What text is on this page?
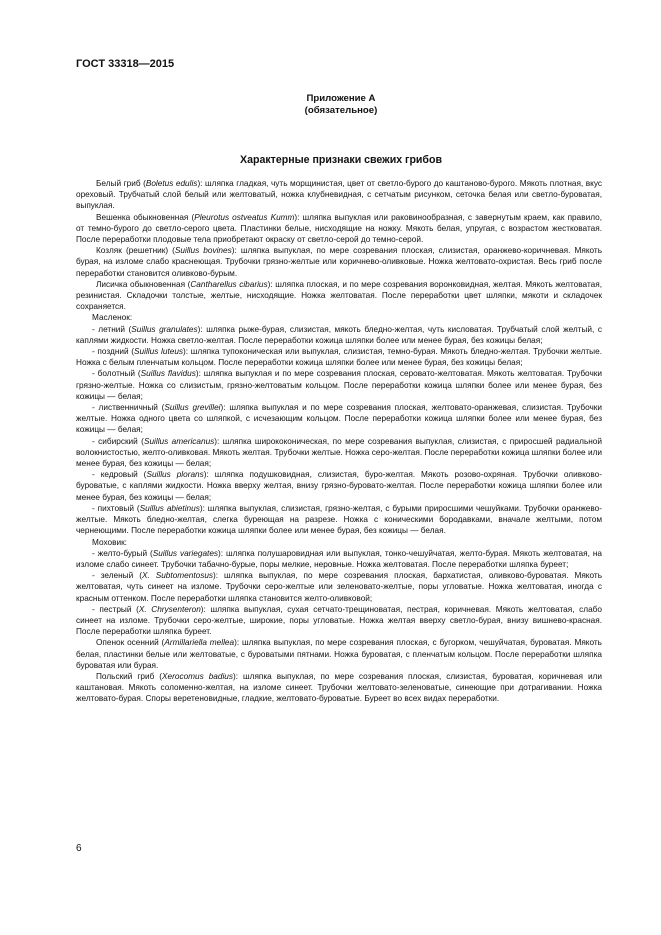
ГОСТ 33318—2015
Приложение А
(обязательное)
Характерные признаки свежих грибов

Белый гриб (Boletus edulis): шляпка гладкая, чуть морщинистая, цвет от светло-бурого до каштаново-бурого. Мякоть плотная, вкус ореховый. Трубчатый слой белый или желтоватый, ножка клубневидная, с сетчатым рисунком, сеточка белая или светло-буроватая, выпуклая.

Вешенка обыкновенная (Pleurotus ostveatus Kumm): шляпка выпуклая или раковинообразная, с завернутым краем, как правило, от темно-бурого до светло-серого цвета. Пластинки белые, нисходящие на ножку. Мякоть белая, упругая, с возрастом жестковатая. После переработки плодовые тела приобретают окраску от светло-серой до темно-серой.

Козляк (решетник) (Suillus bovines): шляпка выпуклая, по мере созревания плоская, слизистая, оранжево-коричневая. Мякоть бурая, на изломе слабо краснеющая. Трубочки грязно-желтые или коричнево-оливковые. Ножка желтовато-охристая. Весь гриб после переработки становится оливково-бурым.

Лисичка обыкновенная (Cantharellus cibarius): шляпка плоская, и по мере созревания воронковидная, желтая. Мякоть желтоватая, резинистая. Складочки толстые, желтые, нисходящие. Ножка желтоватая. После переработки цвет шляпки, мякоти и складочек сохраняется.

Масленок:

- летний (Suillus granulates): шляпка рыже-бурая, слизистая, мякоть бледно-желтая, чуть кисловатая. Трубчатый слой желтый, с каплями жидкости. Ножка светло-желтая. После переработки кожица шляпки более или менее бурая, без кожицы белая;

- поздний (Suillus luteus): шляпка тупоконическая или выпуклая, слизистая, темно-бурая. Мякоть бледно-желтая. Трубочки желтые. Ножка с белым пленчатым кольцом. После переработки кожица шляпки более или менее бурая, без кожицы белая;

- болотный (Suillus flavidus): шляпка выпуклая и по мере созревания плоская, серовато-желтоватая. Мякоть желтоватая. Трубочки грязно-желтые. Ножка со слизистым, грязно-желтоватым кольцом. После переработки кожица шляпки более или менее бурая, без кожицы — белая;

- лиственничный (Suillus grevillei): шляпка выпуклая и по мере созревания плоская, желтовато-оранжевая, слизистая. Трубочки желтые. Ножка одного цвета со шляпкой, с исчезающим кольцом. После переработки кожица шляпки более или менее бурая, без кожицы — белая;

- сибирский (Suillus americanus): шляпка ширококоническая, по мере созревания выпуклая, слизистая, с приросшей радиальной волокнистостью, желто-оливковая. Мякоть желтая. Трубочки желтые. Ножка серо-желтая. После переработки кожица шляпки более или менее бурая, без кожицы — белая;

- кедровый (Suillus plorans): шляпка подушковидная, слизистая, буро-желтая. Мякоть розово-охряная. Трубочки оливково-буроватые, с каплями жидкости. Ножка вверху желтая, внизу грязно-буровато-желтая. После переработки кожица шляпки более или менее бурая, без кожицы — белая;

- пихтовый (Suillus abietinus): шляпка выпуклая, слизистая, грязно-желтая, с бурыми приросшими чешуйками. Трубочки оранжево-желтые. Мякоть бледно-желтая, слегка буреющая на разрезе. Ножка с коническими бородавками, вначале желтыми, потом чернеющими. После переработки кожица шляпки более или менее бурая, без кожицы — белая.

Моховик:

- желто-бурый (Suillus variegates): шляпка полушаровидная или выпуклая, тонко-чешуйчатая, желто-бурая. Мякоть желтоватая, на изломе слабо синеет. Трубочки табачно-бурые, поры мелкие, неровные. Ножка желтоватая. После переработки шляпка буреет;

- зеленый (X. Subtomentosus): шляпка выпуклая, по мере созревания плоская, бархатистая, оливково-буроватая. Мякоть желтоватая, чуть синеет на изломе. Трубочки серо-желтые или зеленовато-желтые, поры угловатые. Ножка желтоватая, иногда с красным оттенком. После переработки шляпка становится желто-оливковой;

- пестрый (X. Chrysenteron): шляпка выпуклая, сухая сетчато-трещиноватая, пестрая, коричневая. Мякоть желтоватая, слабо синеет на изломе. Трубочки серо-желтые, широкие, поры угловатые. Ножка желтая вверху светло-бурая, внизу вишнево-красная. После переработки шляпка буреет.

Опенок осенний (Armillariella mellea): шляпка выпуклая, по мере созревания плоская, с бугорком, чешуйчатая, буроватая. Мякоть белая, пластинки белые или желтоватые, с буроватыми пятнами. Ножка буроватая, с пленчатым кольцом. После переработки шляпка буроватая или бурая.

Польский гриб (Xerocomus badius): шляпка выпуклая, по мере созревания плоская, слизистая, буроватая, коричневая или каштановая. Мякоть соломенно-желтая, на изломе синеет. Трубочки желтовато-зеленоватые, синеющие при дотрагивании. Ножка желтовато-бурая. Споры веретеновидные, гладкие, желтовато-буроватые. Буреет во всех видах переработки.

6
